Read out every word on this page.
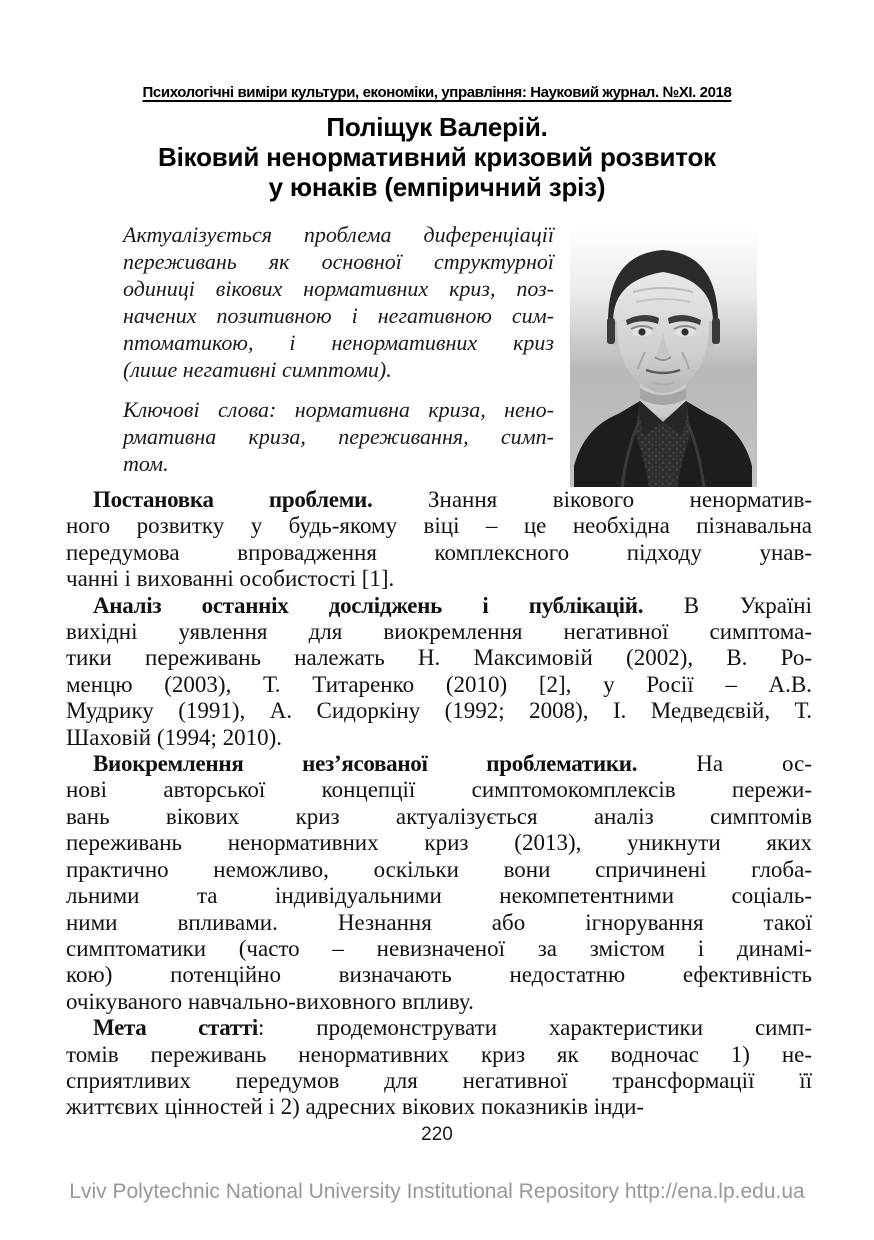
Психологічні виміри культури, економіки, управління: Науковий журнал. №ХІ. 2018
Поліщук Валерій.
Віковий ненормативний кризовий розвиток
у юнаків (емпіричний зріз)
Актуалізується проблема диференціації
переживань як основної структурної
одиниці вікових нормативних криз, поз-
начених позитивною і негативною сим-
птоматикою, і ненормативних криз
(лише негативні симптоми).
Ключові слова: нормативна криза, нено-
рмативна криза, переживання, симп-
том.
Постановка проблеми. Знання вікового ненорматив-
ного розвитку у будь-якому віці – це необхідна пізнавальна
передумова впровадження комплексного підходу унав-
чанні і вихованні особистості [1].
Аналіз останніх досліджень і публікацій. В Україні
вихідні уявлення для виокремлення негативної симптома-
тики переживань належать Н. Максимовій (2002), В. Ро-
менцю (2003), Т. Титаренко (2010) [2], у Росії – А.В.
Мудрику (1991), А. Сидоркіну (1992; 2008), І. Медведєвій, Т.
Шаховій (1994; 2010).
Виокремлення нез’ясованої проблематики. На ос-
нові авторської концепції симптомокомплексів пережи-
вань вікових криз актуалізується аналіз симптомів
переживань ненормативних криз (2013), уникнути яких
практично неможливо, оскільки вони спричинені глоба-
льними та індивідуальними некомпетентними соціаль-
ними впливами. Незнання або ігнорування такої
симптоматики (часто – невизначеної за змістом і динамі-
кою) потенційно визначають недостатню ефективність
очікуваного навчально-виховного впливу.
Мета статті: продемонструвати характеристики симп-
томів переживань ненормативних криз як водночас 1) не-
сприятливих передумов для негативної трансформації її
життєвих цінностей і 2) адресних вікових показників інди-
220
Lviv Polytechnic National University Institutional Repository http://ena.lp.edu.ua
